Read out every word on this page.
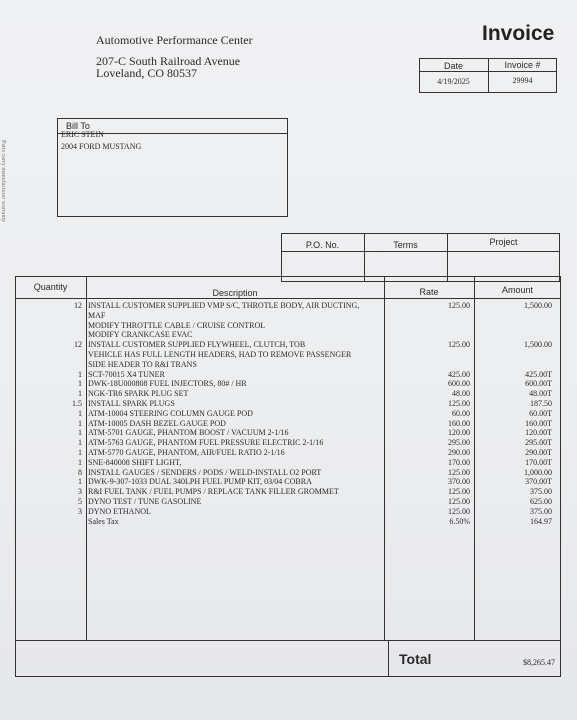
Parts carry manufacturer warranty
Automotive Performance Center
207-C South Railroad Avenue
Loveland, CO 80537
Invoice
Date	Invoice #
4/19/2025	29994
Bill To
ERIC STEIN
2004 FORD MUSTANG
P.O. No.	Terms	Project
Quantity
Description	Rate	Amount
12 INSTALL CUSTOMER SUPPLIED VMP S/C, THROTLE BODY, AIR DUCTING,	125.00	1,500.00
MAF
MODIFY THROTTLE CABLE / CRUISE CONTROL
MODIFY CRANKCASE EVAC
12 INSTALL CUSTOMER SUPPLIED FLYWHEEL, CLUTCH, TOB	125.00	1,500.00
VEHICLE HAS FULL LENGTH HEADERS, HAD TO REMOVE PASSENGER
SIDE HEADER TO R&I TRANS
1 SCT-70015 X4 TUNER	425.00	425.00T
1 DWK-18U000808 FUEL INJECTORS, 80# / HR	600.00	600.00T
1 NGK-TR6 SPARK PLUG SET	48.00	48.00T
1.5 INSTALL SPARK PLUGS	125.00	187.50
1 ATM-10004 STEERING COLUMN GAUGE POD	60.00	60.00T
1 ATM-10005 DASH BEZEL GAUGE POD	160.00	160.00T
1 ATM-5701 GAUGE, PHANTOM BOOST / VACUUM 2-1/16	120.00	120.00T
1 ATM-5763 GAUGE, PHANTOM FUEL PRESSURE ELECTRIC 2-1/16	295.00	295.00T
1 ATM-5770 GAUGE, PHANTOM, AIR/FUEL RATIO 2-1/16	290.00	290.00T
1 SNE-840008 SHIFT LIGHT,	170.00	170.00T
8 INSTALL GAUGES / SENDERS / PODS / WELD-INSTALL O2 PORT	125.00	1,000.00
1 DWK-9-307-1033 DUAL 340LPH FUEL PUMP KIT, 03/04 COBRA	370.00	370.00T
3 R&I FUEL TANK / FUEL PUMPS / REPLACE TANK FILLER GROMMET	125.00	375.00
5 DYNO TEST / TUNE GASOLINE	125.00	625.00
3 DYNO ETHANOL	125.00	375.00
Sales Tax	6.50%	164.97
Total	$8,265.47
